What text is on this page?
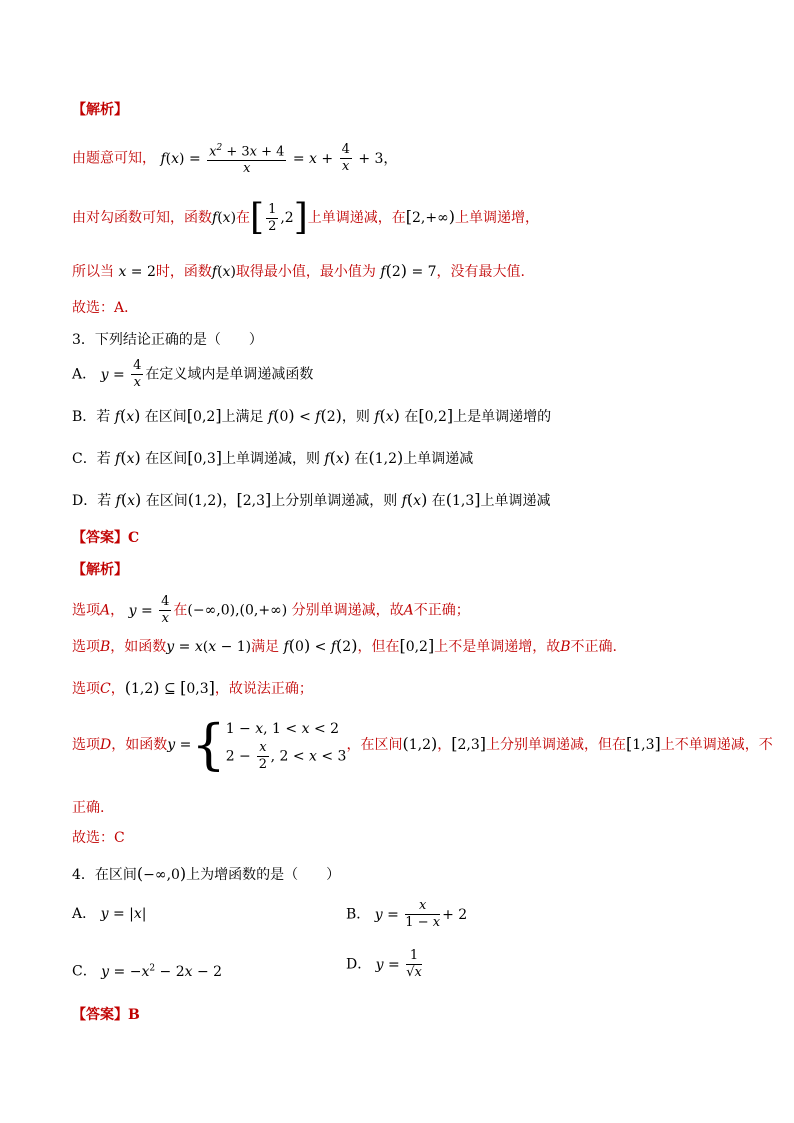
【解析】
由题意可知， $f(x) = \frac{x^2 + 3x + 4}{x} = x + \frac{4}{x} + 3$，
由对勾函数可知，函数f(x)在[ $\frac{1}{2} ,2$]上单调递减，在[2,+∞)上单调递增，
所以当 x = 2时，函数f(x)取得最小值，最小值为 f(2) = 7，没有最大值.
故选：A．
3．下列结论正确的是（　　）
A． $y = \frac{4}{x}$ 在定义域内是单调递减函数
B．若 f(x) 在区间[0,2]上满足 f(0) < f(2)，则 f(x) 在[0,2]上是单调递增的
C．若 f(x) 在区间[0,3]上单调递减，则 f(x) 在(1,2)上单调递减
D．若 f(x) 在区间(1,2)，[2,3]上分别单调递减，则 f(x) 在(1,3]上单调递减
【答案】C
【解析】
选项A， $y = \frac{4}{x}$ 在(−∞,0),(0,+∞) 分别单调递减，故A不正确；
选项B，如函数y = x(x − 1)满足 f(0) < f(2)，但在[0,2]上不是单调递增，故B不正确.
选项C，(1,2) ⊆ [0,3]，故说法正确；
选项D，如函数y ={ 1 − x, 1 < x < 2
$2 - \frac{x}{2}$ , 2 < x < 3
，在区间(1,2)，[2,3]上分别单调递减，但在[1,3]上不单调递减，不
正确.
故选：C
4．在区间(−∞,0)上为增函数的是（　　）
A． y = |x|	B． $y = \frac{x}{1 - x} + 2$
C． $y = -x^2 - 2x - 2$	D． $y = \frac{1}{√x}$
【答案】B
